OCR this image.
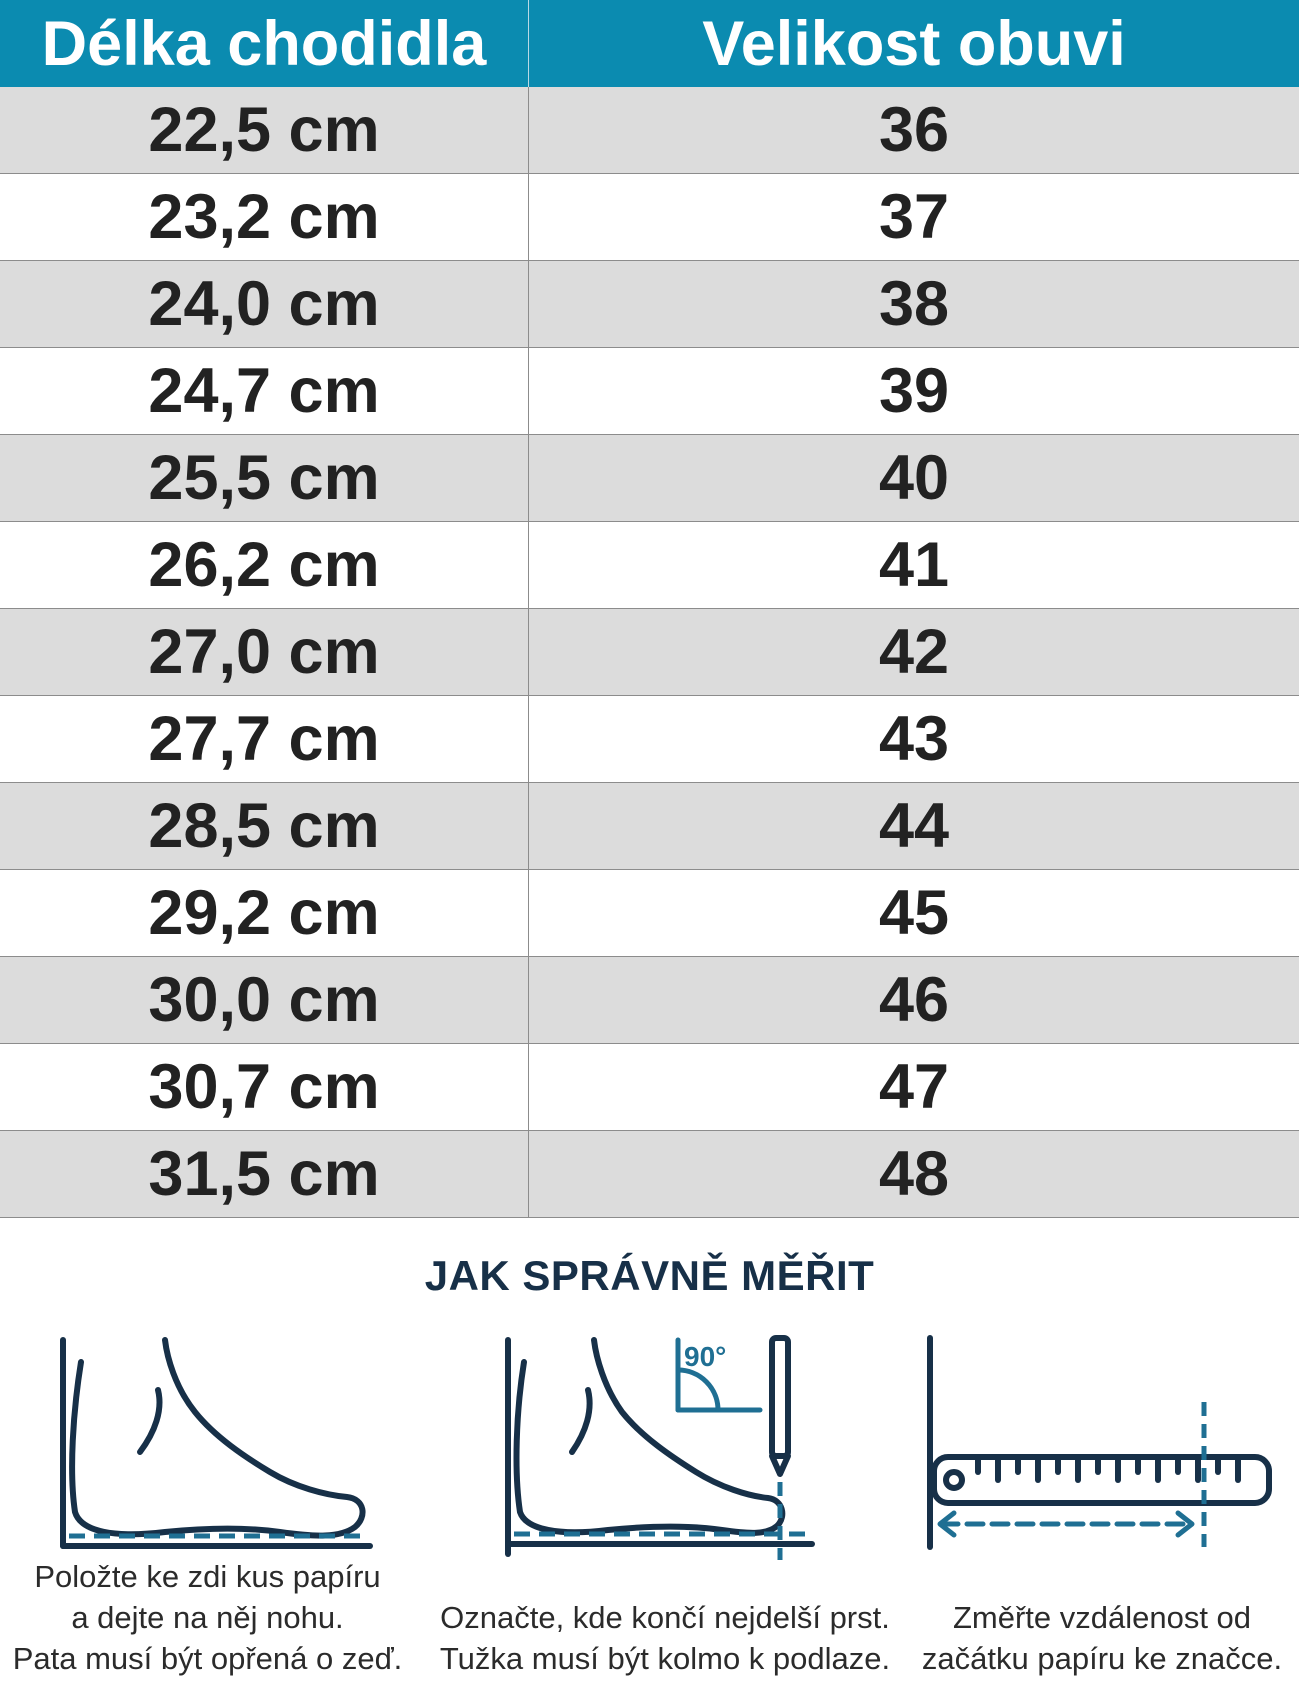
Délka chodidla	Velikost obuvi
22,5 cm	36
23,2 cm	37
24,0 cm	38
24,7 cm	39
25,5 cm	40
26,2 cm	41
27,0 cm	42
27,7 cm	43
28,5 cm	44
29,2 cm	45
30,0 cm	46
30,7 cm	47
31,5 cm	48
JAK SPRÁVNĚ MĚŘIT
90°
Položte ke zdi kus papíru
a dejte na něj nohu.
Pata musí být opřená o zeď.
Označte, kde končí nejdelší prst.
Tužka musí být kolmo k podlaze.
Změřte vzdálenost od
začátku papíru ke značce.
